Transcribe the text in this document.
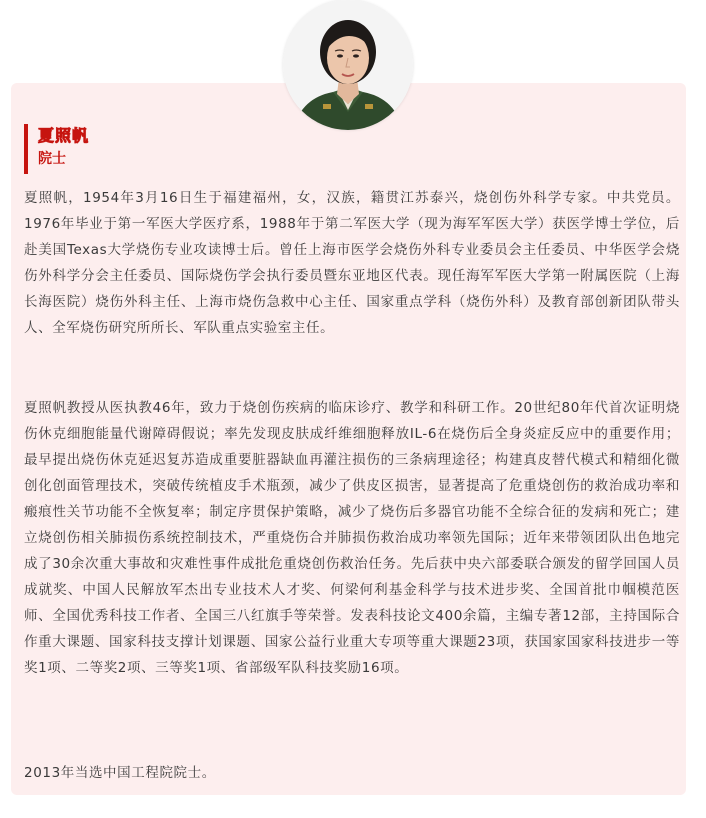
夏照帆
院士

夏照帆，1954年3月16日生于福建福州，女，汉族，籍贯江苏泰兴，烧创伤外科学专家。中共党员。1976年毕业于第一军医大学医疗系，1988年于第二军医大学（现为海军军医大学）获医学博士学位，后赴美国Texas大学烧伤专业攻读博士后。曾任上海市医学会烧伤外科专业委员会主任委员、中华医学会烧伤外科学分会主任委员、国际烧伤学会执行委员暨东亚地区代表。现任海军军医大学第一附属医院（上海长海医院）烧伤外科主任、上海市烧伤急救中心主任、国家重点学科（烧伤外科）及教育部创新团队带头人、全军烧伤研究所所长、军队重点实验室主任。

夏照帆教授从医执教46年，致力于烧创伤疾病的临床诊疗、教学和科研工作。20世纪80年代首次证明烧伤休克细胞能量代谢障碍假说；率先发现皮肤成纤维细胞释放IL-6在烧伤后全身炎症反应中的重要作用；最早提出烧伤休克延迟复苏造成重要脏器缺血再灌注损伤的三条病理途径；构建真皮替代模式和精细化微创化创面管理技术，突破传统植皮手术瓶颈，减少了供皮区损害，显著提高了危重烧创伤的救治成功率和瘢痕性关节功能不全恢复率；制定序贯保护策略，减少了烧伤后多器官功能不全综合征的发病和死亡；建立烧创伤相关肺损伤系统控制技术，严重烧伤合并肺损伤救治成功率领先国际；近年来带领团队出色地完成了30余次重大事故和灾难性事件成批危重烧创伤救治任务。先后获中央六部委联合颁发的留学回国人员成就奖、中国人民解放军杰出专业技术人才奖、何梁何利基金科学与技术进步奖、全国首批巾帼模范医师、全国优秀科技工作者、全国三八红旗手等荣誉。发表科技论文400余篇，主编专著12部，主持国际合作重大课题、国家科技支撑计划课题、国家公益行业重大专项等重大课题23项，获国家国家科技进步一等奖1项、二等奖2项、三等奖1项、省部级军队科技奖励16项。

2013年当选中国工程院院士。
